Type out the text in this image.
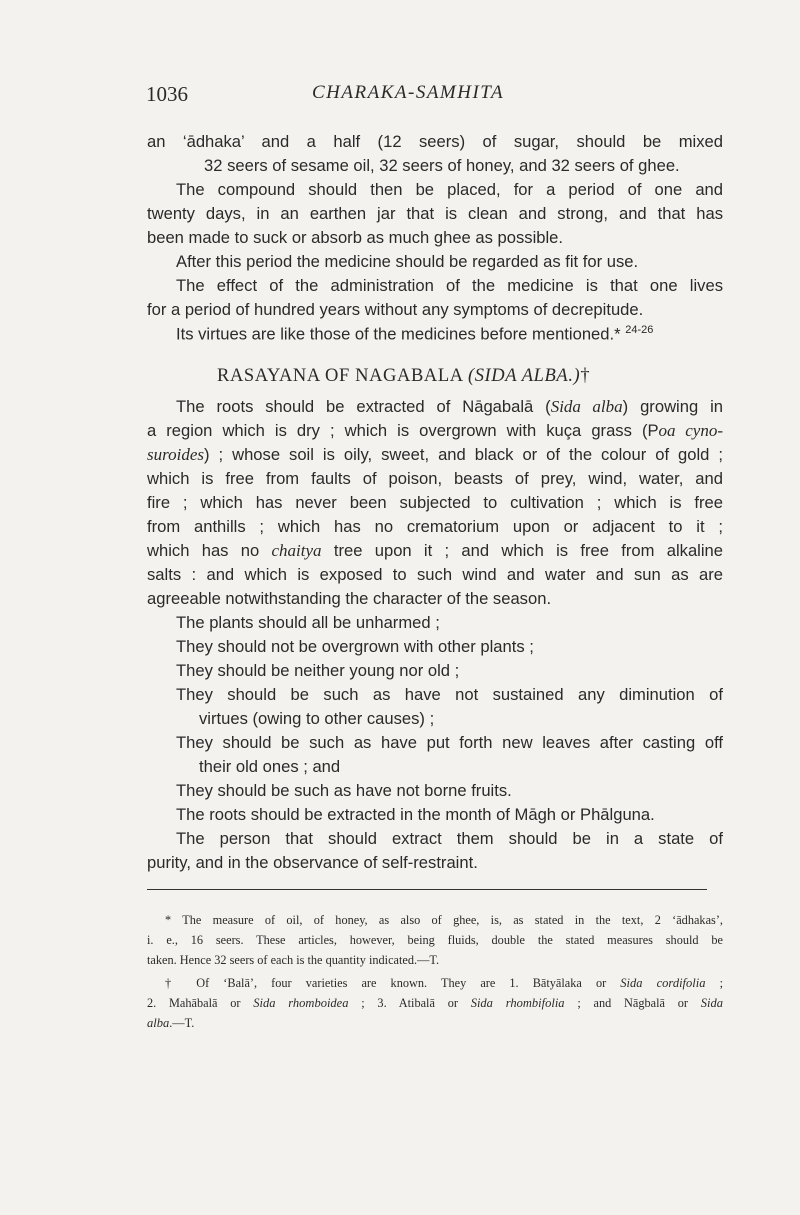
1036	CHARAKA-SAMHITA
an ‘ādhaka’ and a half (12 seers) of sugar, should be mixed
32 seers of sesame oil, 32 seers of honey, and 32 seers of ghee.
The compound should then be placed, for a period of one and
twenty days, in an earthen jar that is clean and strong, and that has
been made to suck or absorb as much ghee as possible.
After this period the medicine should be regarded as fit for use.
The effect of the administration of the medicine is that one lives
for a period of hundred years without any symptoms of decrepitude.
Its virtues are like those of the medicines before mentioned.* $^{24-26}$
RASAYANA OF NAGABALA (SIDA ALBA.)†
The roots should be extracted of Nāgabalā (Sida alba) growing in
a region which is dry ; which is overgrown with kuça grass (Poa cyno-
suroides) ; whose soil is oily, sweet, and black or of the colour of gold ;
which is free from faults of poison, beasts of prey, wind, water, and
fire ; which has never been subjected to cultivation ; which is free
from anthills ; which has no crematorium upon or adjacent to it ;
which has no chaitya tree upon it ; and which is free from alkaline
salts : and which is exposed to such wind and water and sun as are
agreeable notwithstanding the character of the season.
The plants should all be unharmed ;
They should not be overgrown with other plants ;
They should be neither young nor old ;
They should be such as have not sustained any diminution of
virtues (owing to other causes) ;
They should be such as have put forth new leaves after casting off
their old ones ; and
They should be such as have not borne fruits.
The roots should be extracted in the month of Māgh or Phālguna.
The person that should extract them should be in a state of
purity, and in the observance of self-restraint.
* The measure of oil, of honey, as also of ghee, is, as stated in the text, 2 ‘ādhakas’,
i. e., 16 seers. These articles, however, being fluids, double the stated measures should be
taken. Hence 32 seers of each is the quantity indicated.—T.
† Of ‘Balā’, four varieties are known. They are 1. Bātyālaka or Sida cordifolia ;
2. Mahābalā or Sida rhomboidea ; 3. Atibalā or Sida rhombifolia ; and Nāgbalā or Sida
alba.—T.
